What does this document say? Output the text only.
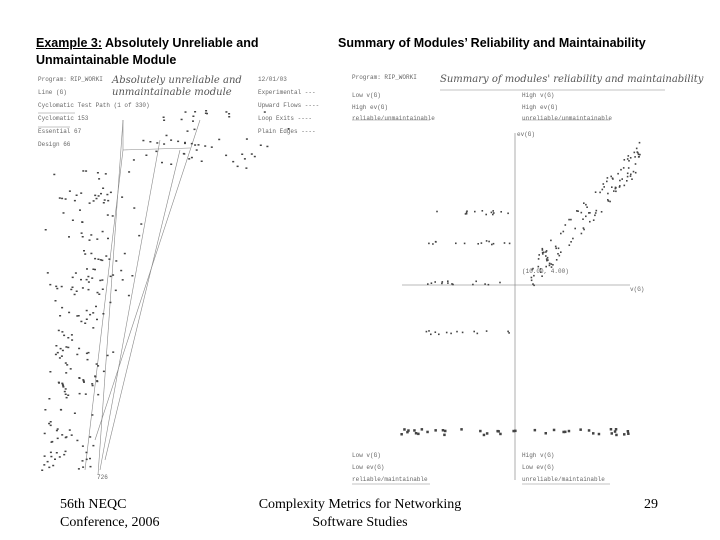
Example 3: Absolutely Unreliable and Unmaintainable Module
Summary of Modules’ Reliability and Maintainability
Program: RIP_WORKI
Line (G)
Cyclomatic Test Path (1 of 330)
Cyclomatic 153
Essential 67
Design 66
12/01/03
Experimental ---
Upward Flows ----
Loop Exits ----
Plain Edges ----
Absolutely unreliable and unmaintainable module
726
Program: RIP_WORKI Summary of modules' reliability and maintainability
Low v(G)
High ev(G)
reliable/unmaintainable
High v(G)
High ev(G)
unreliable/unmaintainable
Low v(G)
Low ev(G)
reliable/maintainable
High v(G)
Low ev(G)
unreliable/maintainable
ev(G)
v(G)
(10.00, 4.00)
56th NEQC
Conference, 2006
Complexity Metrics for Networking
Software Studies
29
